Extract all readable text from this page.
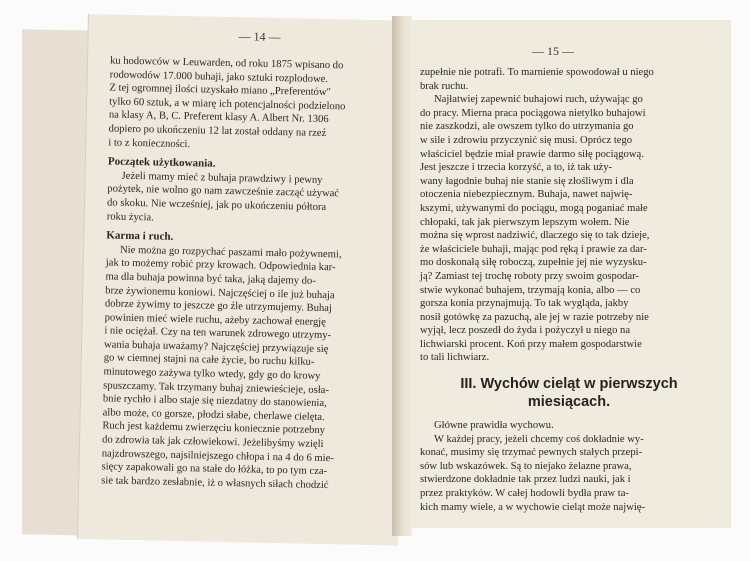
— 14 —
ku hodowców w Leuwarden, od roku 1875 wpisano do
rodowodów 17.000 buhaji, jako sztuki rozplodowe.
Z tej ogromnej ilości uzyskało miano „Preferentów"
tylko 60 sztuk, a w miarę ich potencjalności podzielono
na klasy A, B, C. Preferent klasy A. Albert Nr. 1306
dopiero po ukończeniu 12 lat został oddany na rzeź
i to z konieczności.
Początek użytkowania.
Jeżeli mamy mieć z buhaja prawdziwy i pewny
pożytek, nie wolno go nam zawcześnie zacząć używać
do skoku. Nie wcześniej, jak po ukończeniu półtora
roku życia.
Karma i ruch.
Nie można go rozpychać paszami mało pożywnemi,
jak to możemy robić przy krowach. Odpowiednia kar-
ma dla buhaja powinna być taka, jaką dajemy do-
brze żywionemu koniowi. Najczęściej o ile już buhaja
dobrze żywimy to jeszcze go źle utrzymujemy. Buhaj
powinien mieć wiele ruchu, ażeby zachował energję
i nie ociężał. Czy na ten warunek zdrowego utrzymy-
wania buhaja uważamy? Najczęściej przywiązuje się
go w ciemnej stajni na całe życie, bo ruchu kilku-
minutowego zażywa tylko wtedy, gdy go do krowy
spuszczamy. Tak trzymany buhaj zniewieścieje, osła-
bnie rychło i albo staje się niezdatny do stanowienia,
albo może, co gorsze, płodzi słabe, cherlawe cielęta.
Ruch jest każdemu zwierzęciu koniecznie potrzebny
do zdrowia tak jak człowiekowi. Jeżelibyśmy wzięli
najzdrowszego, najsilniejszego chłopa i na 4 do 6 mie-
sięcy zapakowali go na stałe do łóżka, to po tym cza-
sie tak bardzo zesłabnie, iż o własnych siłach chodzić
— 15 —
zupełnie nie potrafi. To marnienie spowodował u niego
brak ruchu.
Najłatwiej zapewnić buhajowi ruch, używając go
do pracy. Mierna praca pociągowa nietylko buhajowi
nie zaszkodzi, ale owszem tylko do utrzymania go
w sile i zdrowiu przyczynić się musi. Oprócz tego
właściciel będzie miał prawie darmo siłę pociągową.
Jest jeszcze i trzecia korzyść, a to, iż tak uży-
wany łagodnie buhaj nie stanie się złośliwym i dla
otoczenia niebezpiecznym. Buhaja, nawet najwię-
kszymi, używanymi do pociągu, mogą poganiać małe
chłopaki, tak jak pierwszym lepszym wołem. Nie
można się wprost nadziwić, dlaczego się to tak dzieje,
że właściciele buhaji, mając pod ręką i prawie za dar-
mo doskonałą siłę roboczą, zupełnie jej nie wyzysku-
ją? Zamiast tej trochę roboty przy swoim gospodar-
stwie wykonać buhajem, trzymają konia, albo — co
gorsza konia przynajmują. To tak wygląda, jakby
nosił gotówkę za pazuchą, ale jej w razie potrzeby nie
wyjął, lecz poszedł do żyda i pożyczył u niego na
lichwiarski procent. Koń przy małem gospodarstwie
to tali lichwiarz.
III. Wychów cieląt w pierwszych
miesiącach.
Główne prawidła wychowu.
W każdej pracy, jeżeli chcemy coś dokładnie wy-
konać, musimy się trzymać pewnych stałych przepi-
sów lub wskazówek. Są to niejako żelazne prawa,
stwierdzone dokładnie tak przez ludzi nauki, jak i
przez praktyków. W całej hodowli bydła praw ta-
kich mamy wiele, a w wychowie cieląt może najwię-
